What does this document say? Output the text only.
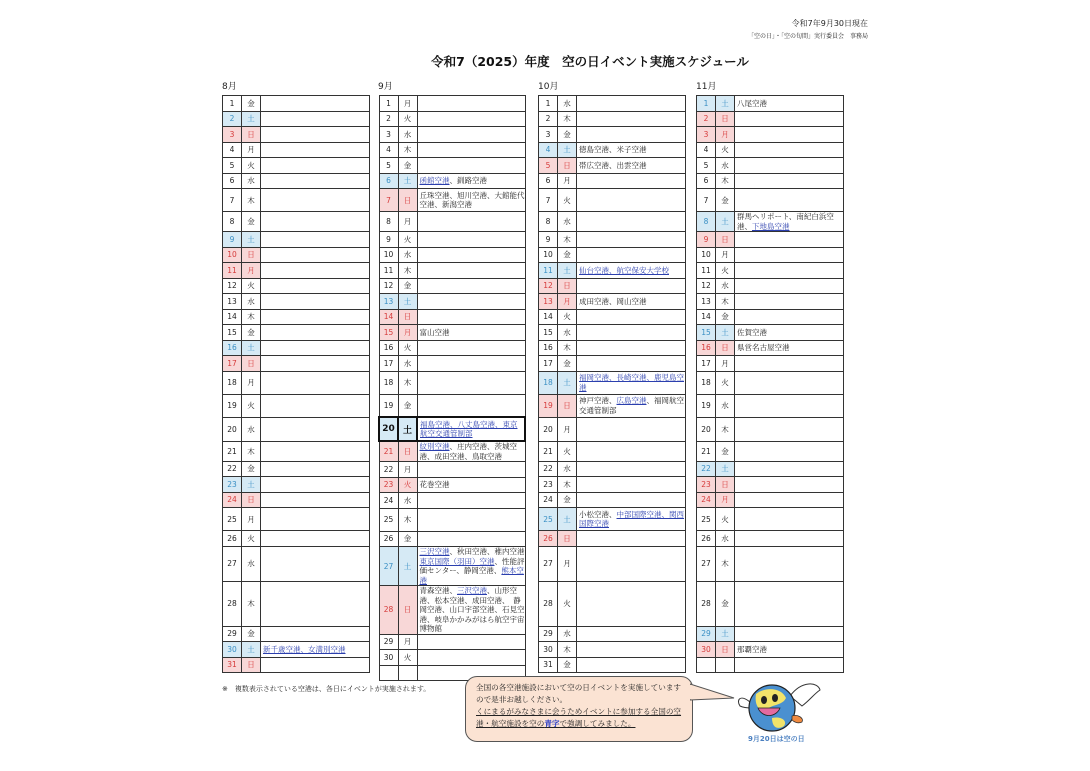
令和7年9月30日現在
「空の日」・「空の旬間」実行委員会　事務局
令和7（2025）年度　空の日イベント実施スケジュール
8月
1	金	
2	土	
3	日	
4	月	
5	火	
6	水	
7	木	
8	金	
9	土	
10	日	
11	月	
12	火	
13	水	
14	木	
15	金	
16	土	
17	日	
18	月	
19	火	
20	水	
21	木	
22	金	
23	土	
24	日	
25	月	
26	火	
27	水	
28	木	
29	金	
30	土	新千歳空港、女満別空港
31	日	
9月
1	月	
2	火	
3	水	
4	木	
5	金	
6	土	函館空港、釧路空港
7	日	丘珠空港、旭川空港、大館能代空港、新潟空港
8	月	
9	火	
10	水	
11	木	
12	金	
13	土	
14	日	
15	月	富山空港
16	火	
17	水	
18	木	
19	金	
20	土	福島空港、八丈島空港、東京航空交通管制部
21	日	紋別空港、庄内空港、茨城空港、成田空港、鳥取空港
22	月	
23	火	花巻空港
24	水	
25	木	
26	金	
27	土	三沢空港、秋田空港、稚内空港東京国際（羽田）空港、性能評価センター、静岡空港、熊本空港
28	日	青森空港、三沢空港、山形空港、松本空港、成田空港、　静岡空港、山口宇部空港、石見空港、岐阜かかみがはら航空宇宙博物館
29	月	
30	火	

10月
1	水	
2	木	
3	金	
4	土	徳島空港、米子空港
5	日	帯広空港、出雲空港
6	月	
7	火	
8	水	
9	木	
10	金	
11	土	仙台空港、航空保安大学校
12	日	
13	月	成田空港、岡山空港
14	火	
15	水	
16	木	
17	金	
18	土	福岡空港、長崎空港、鹿児島空港
19	日	神戸空港、広島空港、福岡航空交通管制部
20	月	
21	火	
22	水	
23	木	
24	金	
25	土	小松空港、中部国際空港、関西国際空港
26	日	
27	月	
28	火	
29	水	
30	木	
31	金	
11月
1	土	八尾空港
2	日	
3	月	
4	火	
5	水	
6	木	
7	金	
8	土	群馬ヘリポート、南紀白浜空港、下地島空港
9	日	
10	月	
11	火	
12	水	
13	木	
14	金	
15	土	佐賀空港
16	日	県営名古屋空港
17	月	
18	火	
19	水	
20	木	
21	金	
22	土	
23	日	
24	月	
25	火	
26	水	
27	木	
28	金	
29	土	
30	日	那覇空港

※　複数表示されている空港は、各日にイベントが実施されます。	全国の各空港施設において空の日イベントを実施していますので是非お越しください。
くにまるがみなさまに会うためイベントに参加する全国の空港・航空施設を空の青字で強調してみました。
9月20日は空の日
